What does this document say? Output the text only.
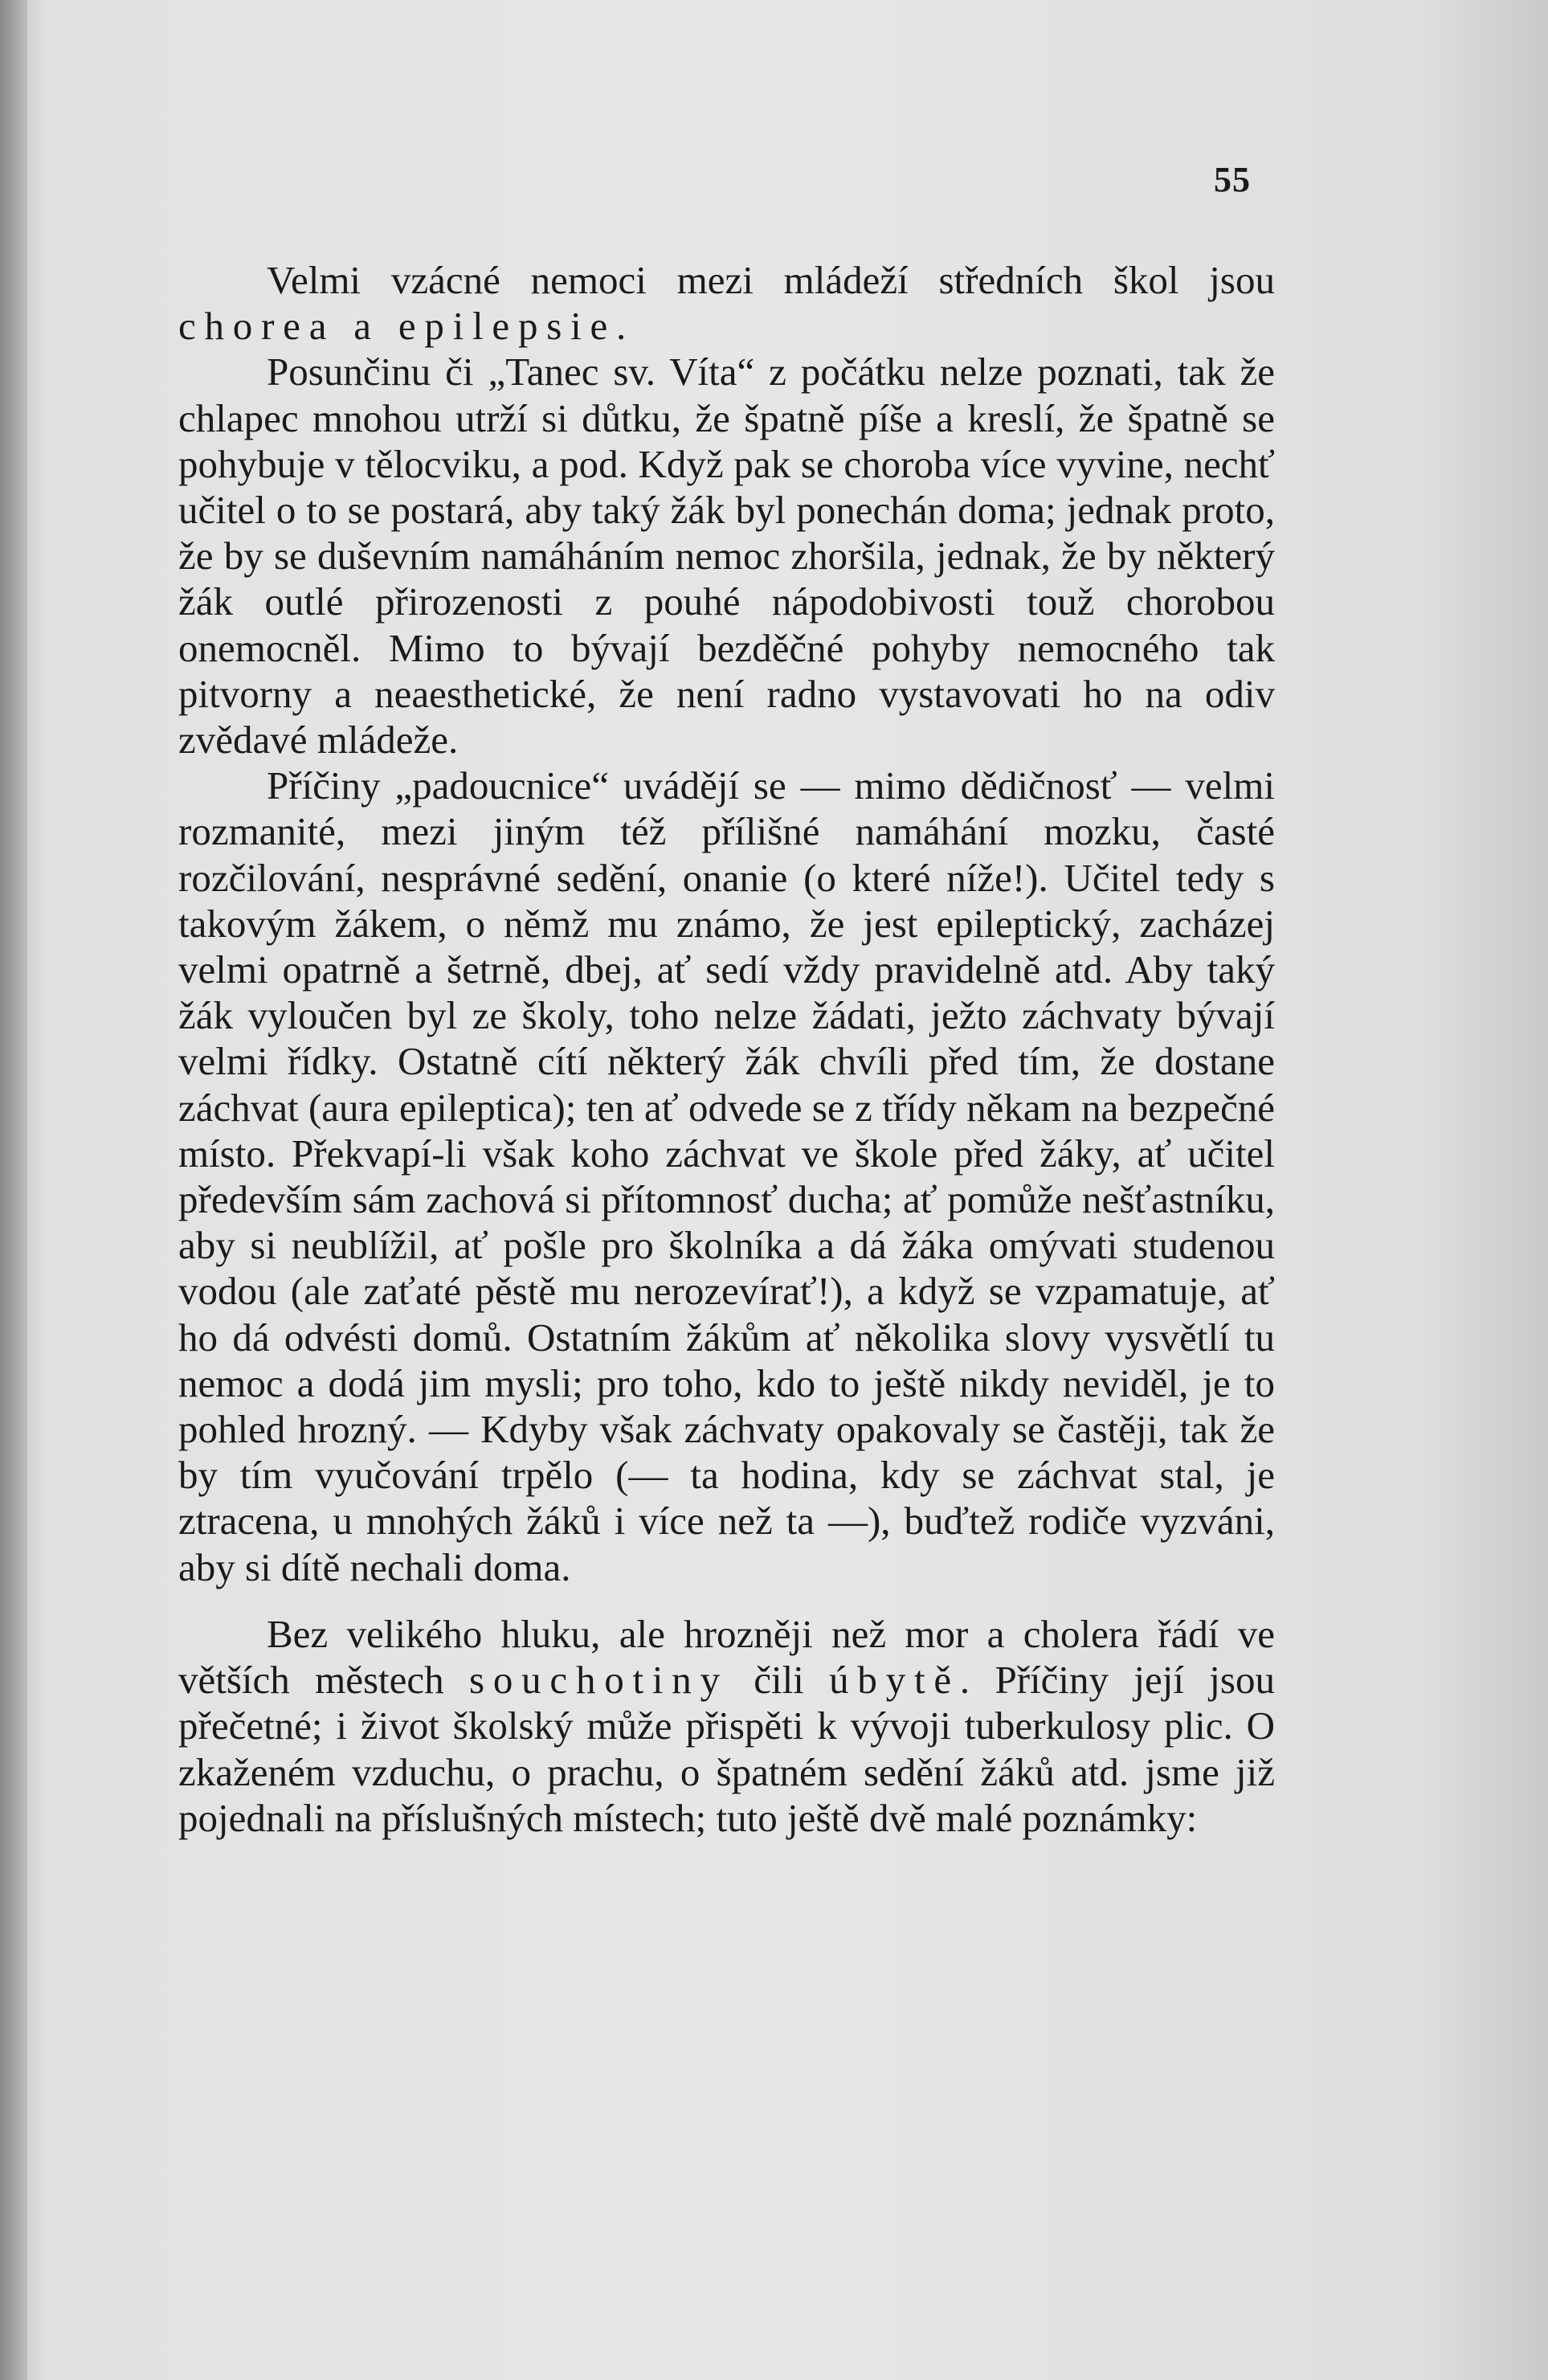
55

Velmi vzácné nemoci mezi mládeží středních škol jsou chorea a epilepsie.

Posunčinu či „Tanec sv. Víta“ z počátku nelze poznati, tak že chlapec mnohou utrží si důtku, že špatně píše a kreslí, že špatně se pohybuje v tělocviku, a pod. Když pak se choroba více vyvine, nechť učitel o to se postará, aby taký žák byl ponechán doma; jednak proto, že by se duševním namáháním nemoc zhoršila, jednak, že by některý žák outlé přirozenosti z pouhé nápodobivosti touž chorobou onemocněl. Mimo to bývají bezděčné pohyby nemocného tak pitvorny a neaesthetické, že není radno vystavovati ho na odiv zvědavé mládeže.

Příčiny „padoucnice“ uvádějí se — mimo dědičnosť — velmi rozmanité, mezi jiným též přílišné namáhání mozku, časté rozčilování, nesprávné sedění, onanie (o které níže!). Učitel tedy s takovým žákem, o němž mu známo, že jest epileptický, zacházej velmi opatrně a šetrně, dbej, ať sedí vždy pravidelně atd. Aby taký žák vyloučen byl ze školy, toho nelze žádati, ježto záchvaty bývají velmi řídky. Ostatně cítí některý žák chvíli před tím, že dostane záchvat (aura epileptica); ten ať odvede se z třídy někam na bezpečné místo. Překvapí-li však koho záchvat ve škole před žáky, ať učitel především sám zachová si přítomnosť ducha; ať pomůže nešťastníku, aby si neublížil, ať pošle pro školníka a dá žáka omývati studenou vodou (ale zaťaté pěstě mu nerozevírať!), a když se vzpamatuje, ať ho dá odvésti domů. Ostatním žákům ať několika slovy vysvětlí tu nemoc a dodá jim mysli; pro toho, kdo to ještě nikdy neviděl, je to pohled hrozný. — Kdyby však záchvaty opakovaly se častěji, tak že by tím vyučování trpělo (— ta hodina, kdy se záchvat stal, je ztracena, u mnohých žáků i více než ta —), buďtež rodiče vyzváni, aby si dítě nechali doma.

Bez velikého hluku, ale hrozněji než mor a cholera řádí ve větších městech souchotiny čili úbytě. Příčiny její jsou přečetné; i život školský může přispěti k vývoji tuberkulosy plic. O zkaženém vzduchu, o prachu, o špatném sedění žáků atd. jsme již pojednali na příslušných místech; tuto ještě dvě malé poznámky:
